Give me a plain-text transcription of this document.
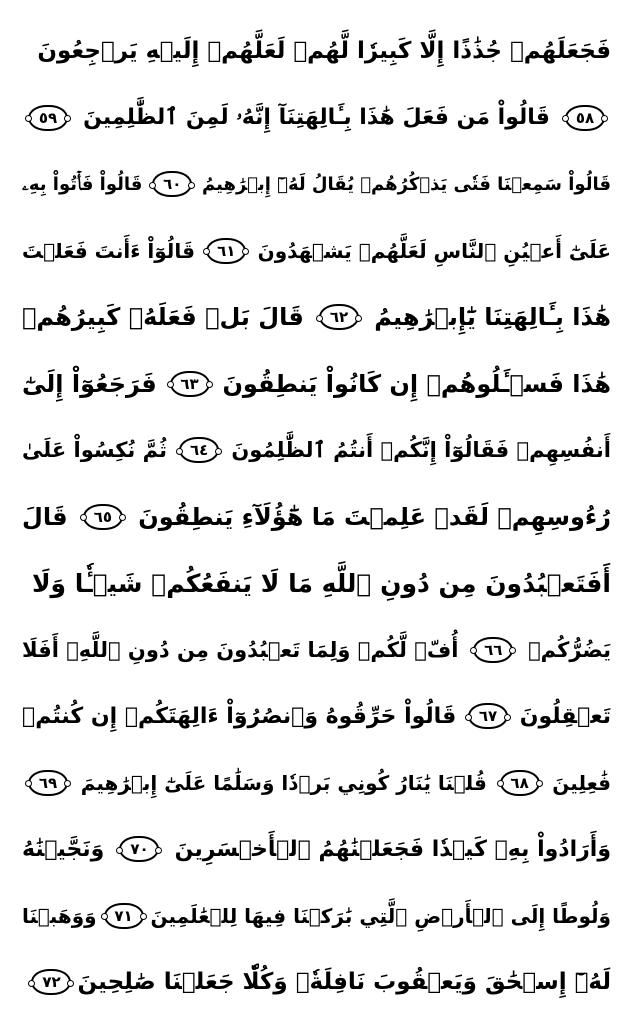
فَجَعَلَهُمۡ جُذَٰذًا إِلَّا كَبِيرٗا لَّهُمۡ لَعَلَّهُمۡ إِلَيۡهِ يَرۡجِعُونَ
٥٨
قَالُواْ مَن فَعَلَ هَٰذَا بِـَٔالِهَتِنَآ إِنَّهُۥ لَمِنَ ٱلظَّٰلِمِينَ
٥٩
قَالُواْ سَمِعۡنَا فَتٗى يَذۡكُرُهُمۡ يُقَالُ لَهُۥٓ إِبۡرَٰهِيمُ
٦٠
قَالُواْ فَأۡتُواْ بِهِۦ
عَلَىٰٓ أَعۡيُنِ ٱلنَّاسِ لَعَلَّهُمۡ يَشۡهَدُونَ
٦١
قَالُوٓاْ ءَأَنتَ فَعَلۡتَ
هَٰذَا بِـَٔالِهَتِنَا يَٰٓإِبۡرَٰهِيمُ
٦٢
قَالَ بَلۡ فَعَلَهُۥ كَبِيرُهُمۡ
هَٰذَا فَسۡـَٔلُوهُمۡ إِن كَانُواْ يَنطِقُونَ
٦٣
فَرَجَعُوٓاْ إِلَىٰٓ
أَنفُسِهِمۡ فَقَالُوٓاْ إِنَّكُمۡ أَنتُمُ ٱلظَّٰلِمُونَ
٦٤
ثُمَّ نُكِسُواْ عَلَىٰ
رُءُوسِهِمۡ لَقَدۡ عَلِمۡتَ مَا هَٰٓؤُلَآءِ يَنطِقُونَ
٦٥
قَالَ
أَفَتَعۡبُدُونَ مِن دُونِ ٱللَّهِ مَا لَا يَنفَعُكُمۡ شَيۡـٔٗا وَلَا
يَضُرُّكُمۡ
٦٦
أُفّٖ لَّكُمۡ وَلِمَا تَعۡبُدُونَ مِن دُونِ ٱللَّهِۖ أَفَلَا
تَعۡقِلُونَ
٦٧
قَالُواْ حَرِّقُوهُ وَٱنصُرُوٓاْ ءَالِهَتَكُمۡ إِن كُنتُمۡ
فَٰعِلِينَ
٦٨
قُلۡنَا يَٰنَارُ كُونِي بَرۡدٗا وَسَلَٰمًا عَلَىٰٓ إِبۡرَٰهِيمَ
٦٩
وَأَرَادُواْ بِهِۦ كَيۡدٗا فَجَعَلۡنَٰهُمُ ٱلۡأَخۡسَرِينَ
٧٠
وَنَجَّيۡنَٰهُ
وَلُوطًا إِلَى ٱلۡأَرۡضِ ٱلَّتِي بَٰرَكۡنَا فِيهَا لِلۡعَٰلَمِينَ
٧١
وَوَهَبۡنَا
لَهُۥٓ إِسۡحَٰقَ وَيَعۡقُوبَ نَافِلَةٗۖ وَكُلّٗا جَعَلۡنَا صَٰلِحِينَ
٧٢
